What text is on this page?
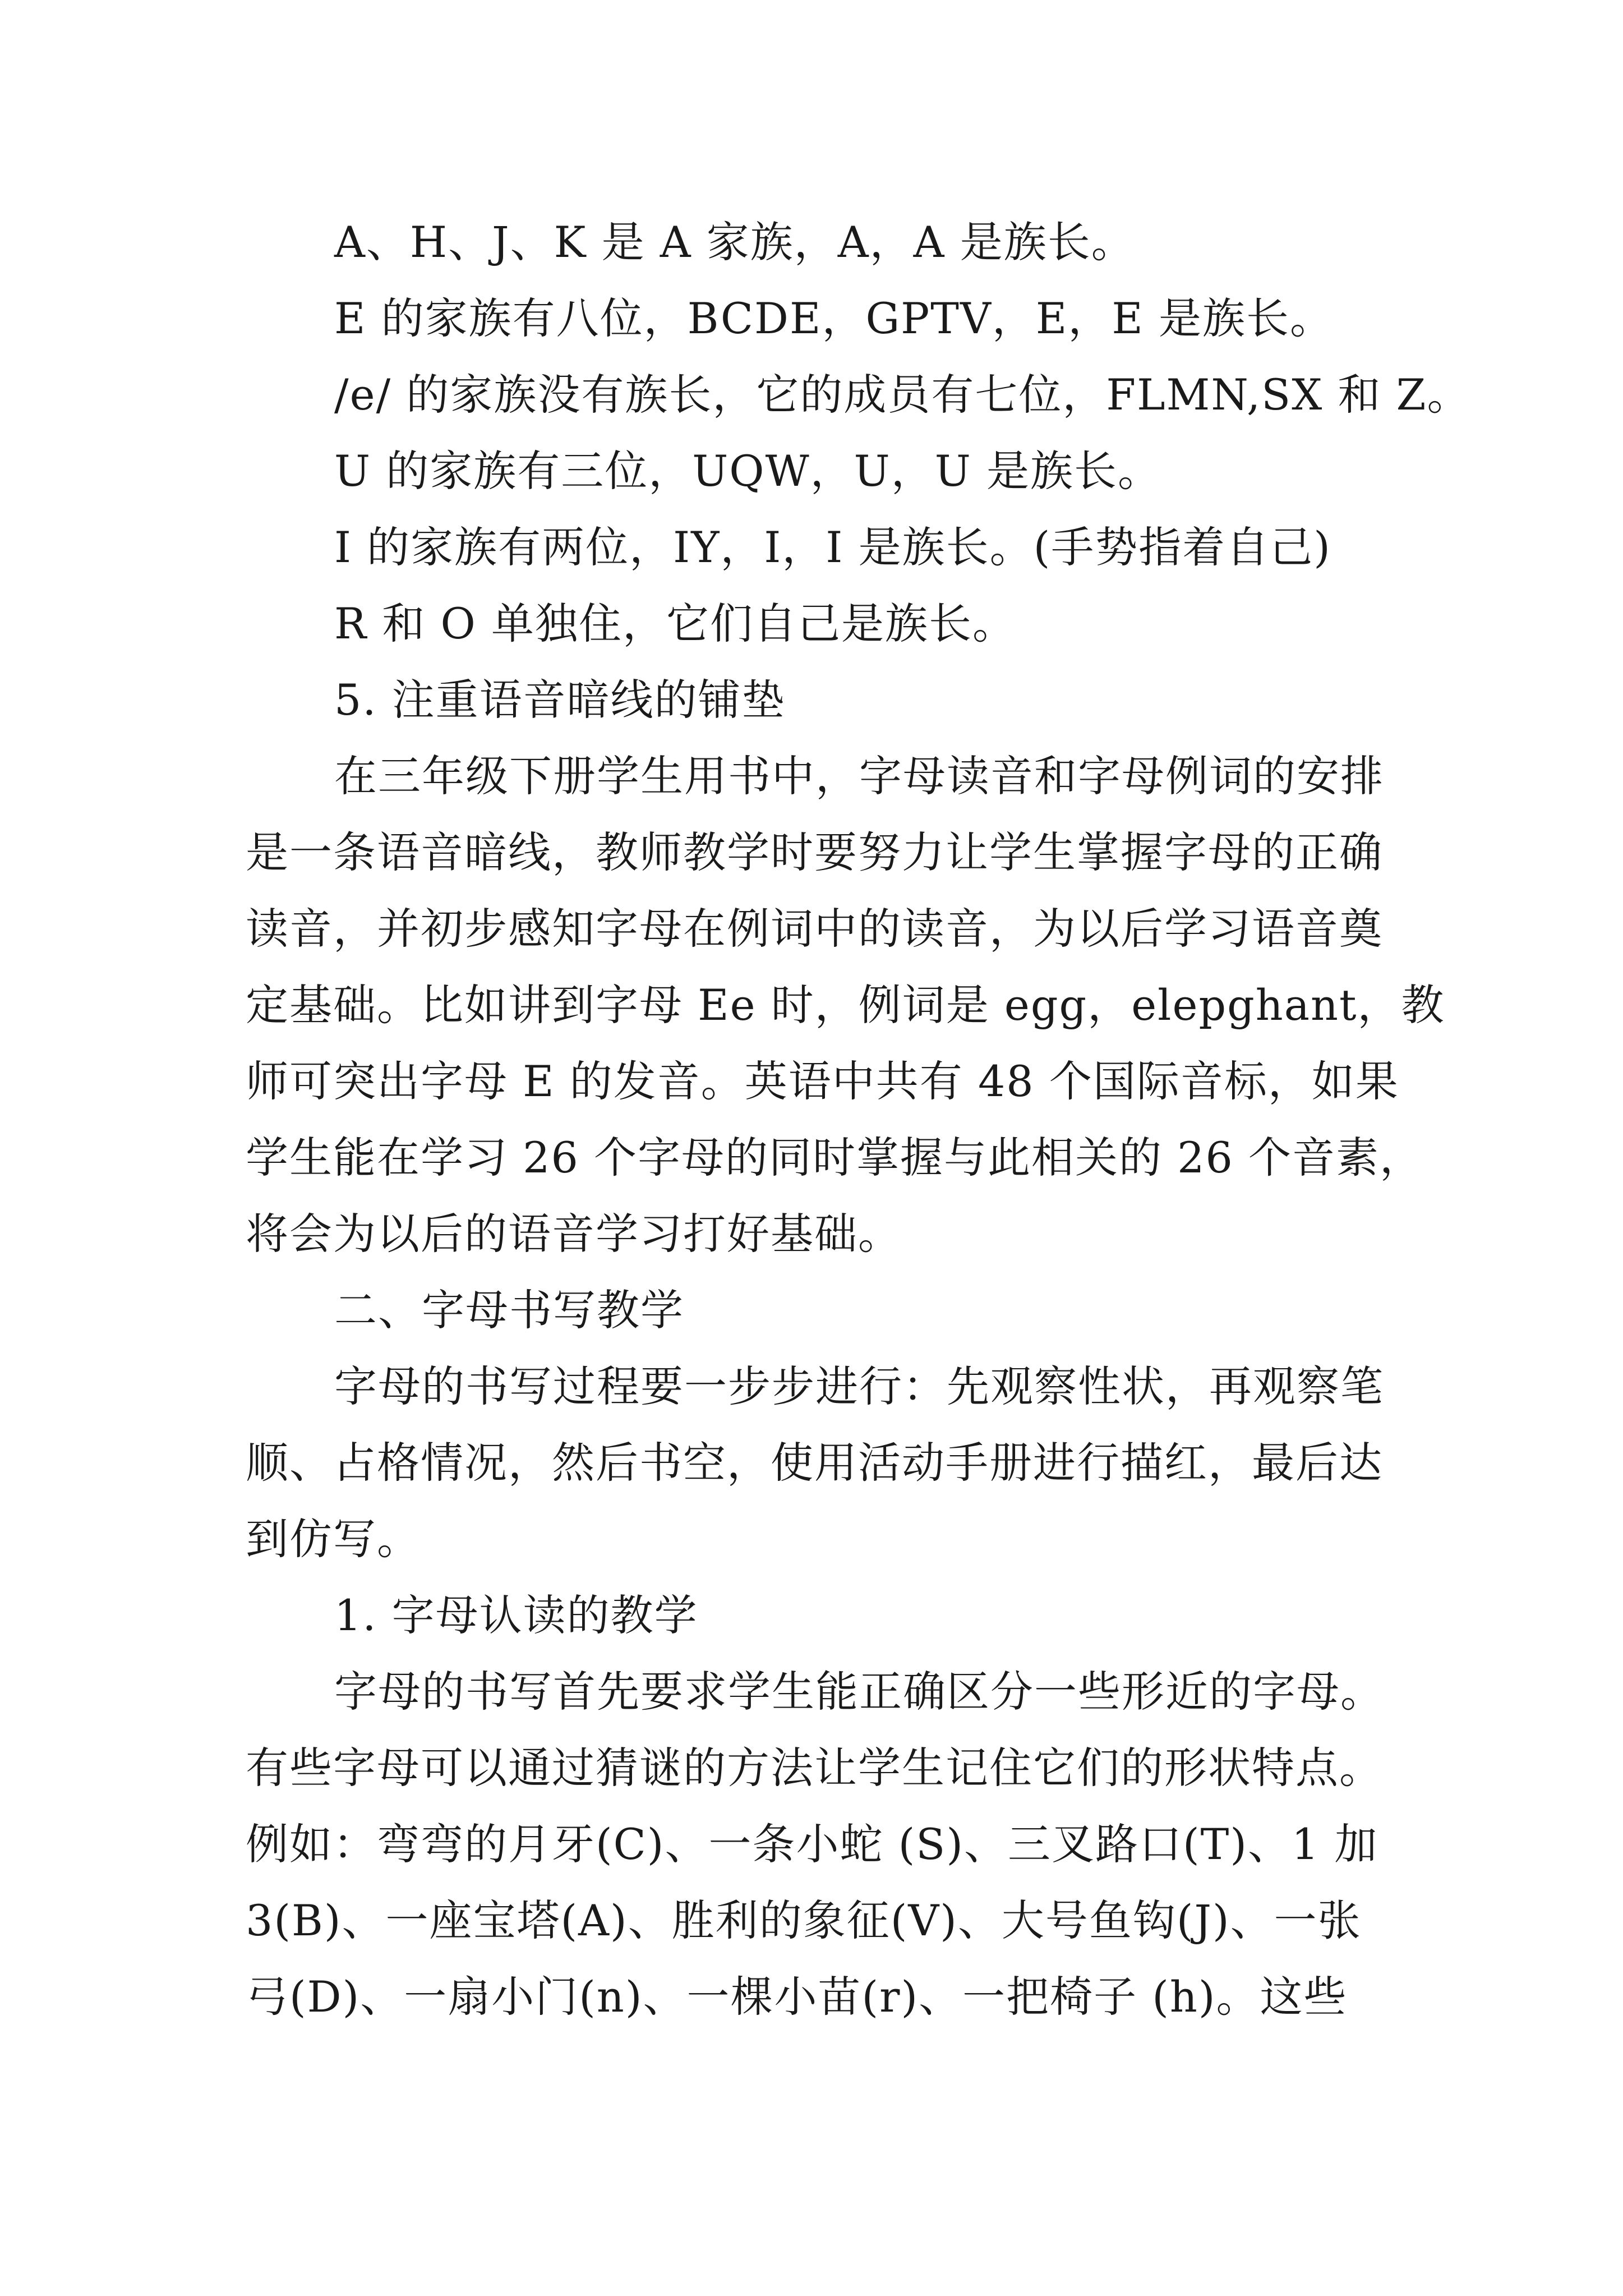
A、H、J、K 是 A 家族，A，A 是族长。
E 的家族有八位，BCDE，GPTV，E，E 是族长。
/e/ 的家族没有族长，它的成员有七位，FLMN,SX 和 Z。
U 的家族有三位，UQW，U，U 是族长。
I 的家族有两位，IY，I，I 是族长。(手势指着自己)
R 和 O 单独住，它们自己是族长。
5. 注重语音暗线的铺垫
在三年级下册学生用书中，字母读音和字母例词的安排
是一条语音暗线，教师教学时要努力让学生掌握字母的正确
读音，并初步感知字母在例词中的读音，为以后学习语音奠
定基础。比如讲到字母 Ee 时，例词是 egg，elepghant，教
师可突出字母 E 的发音。英语中共有 48 个国际音标，如果
学生能在学习 26 个字母的同时掌握与此相关的 26 个音素，
将会为以后的语音学习打好基础。
二、字母书写教学
字母的书写过程要一步步进行：先观察性状，再观察笔
顺、占格情况，然后书空，使用活动手册进行描红，最后达
到仿写。
1. 字母认读的教学
字母的书写首先要求学生能正确区分一些形近的字母。
有些字母可以通过猜谜的方法让学生记住它们的形状特点。
例如：弯弯的月牙(C)、一条小蛇 (S)、三叉路口(T)、1 加
3(B)、一座宝塔(A)、胜利的象征(V)、大号鱼钩(J)、一张
弓(D)、一扇小门(n)、一棵小苗(r)、一把椅子 (h)。这些
